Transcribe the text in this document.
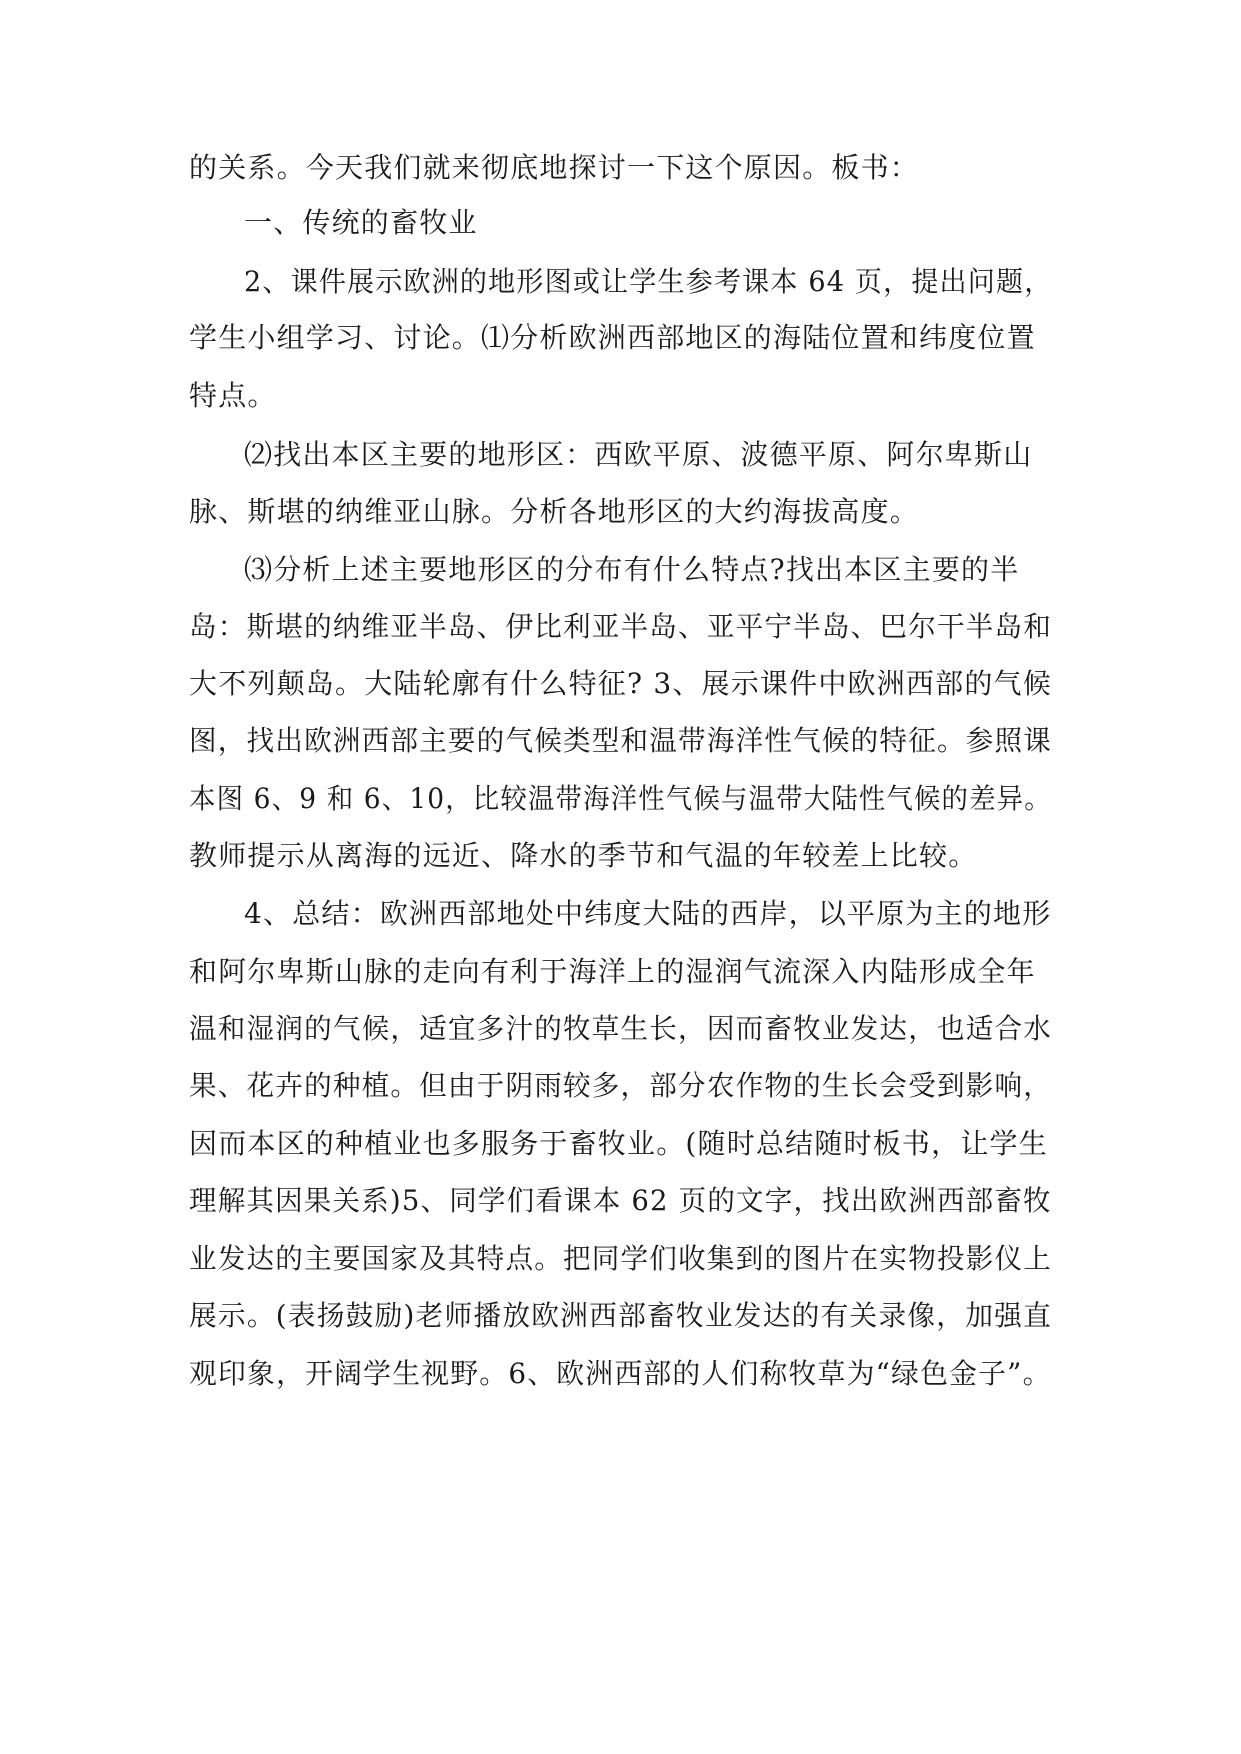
的关系。今天我们就来彻底地探讨一下这个原因。板书：
一、传统的畜牧业
2、课件展示欧洲的地形图或让学生参考课本 64 页，提出问题，
学生小组学习、讨论。⑴分析欧洲西部地区的海陆位置和纬度位置
特点。
⑵找出本区主要的地形区：西欧平原、波德平原、阿尔卑斯山
脉、斯堪的纳维亚山脉。分析各地形区的大约海拔高度。
⑶分析上述主要地形区的分布有什么特点?找出本区主要的半
岛：斯堪的纳维亚半岛、伊比利亚半岛、亚平宁半岛、巴尔干半岛和
大不列颠岛。大陆轮廓有什么特征? 3、展示课件中欧洲西部的气候
图，找出欧洲西部主要的气候类型和温带海洋性气候的特征。参照课
本图 6、9 和 6、10，比较温带海洋性气候与温带大陆性气候的差异。
教师提示从离海的远近、降水的季节和气温的年较差上比较。
4、总结：欧洲西部地处中纬度大陆的西岸，以平原为主的地形
和阿尔卑斯山脉的走向有利于海洋上的湿润气流深入内陆形成全年
温和湿润的气候，适宜多汁的牧草生长，因而畜牧业发达，也适合水
果、花卉的种植。但由于阴雨较多，部分农作物的生长会受到影响，
因而本区的种植业也多服务于畜牧业。(随时总结随时板书，让学生
理解其因果关系)5、同学们看课本 62 页的文字，找出欧洲西部畜牧
业发达的主要国家及其特点。把同学们收集到的图片在实物投影仪上
展示。(表扬鼓励)老师播放欧洲西部畜牧业发达的有关录像，加强直
观印象，开阔学生视野。6、欧洲西部的人们称牧草为“绿色金子”。
